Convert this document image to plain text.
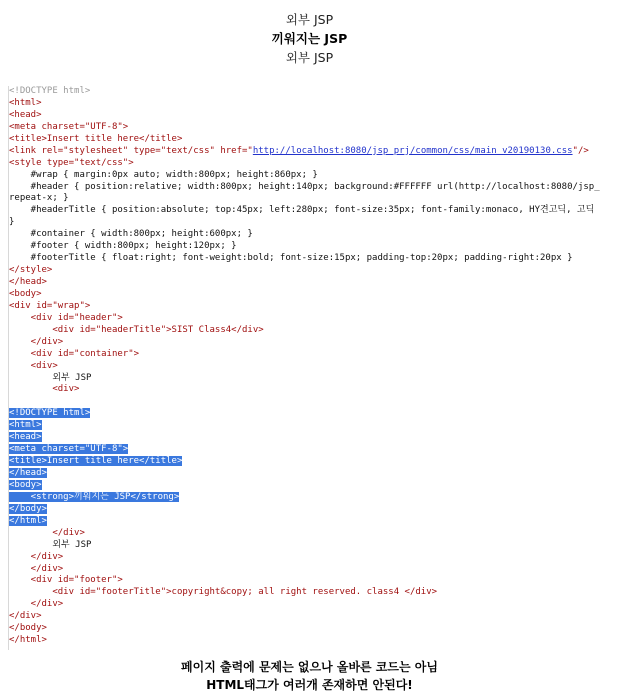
외부 JSP
끼워지는 JSP
외부 JSP
<!DOCTYPE html>
<html>
<head>
<meta charset="UTF-8">
<title>Insert title here</title>
<link rel="stylesheet" type="text/css" href="http://localhost:8080/jsp_prj/common/css/main_v20190130.css"/>
<style type="text/css">
#wrap { margin:0px auto; width:800px; height:860px; }
#header { position:relative; width:800px; height:140px; background:#FFFFFF url(http://localhost:8080/jsp_
repeat-x; }
#headerTitle { position:absolute; top:45px; left:280px; font-size:35px; font-family:monaco, HY견고딕, 고딕
}
#container { width:800px; height:600px; }
#footer { width:800px; height:120px; }
#footerTitle { float:right; font-weight:bold; font-size:15px; padding-top:20px; padding-right:20px }
</style>
</head>
<body>
<div id="wrap">
<div id="header">
<div id="headerTitle">SIST Class4</div>
</div>
<div id="container">
<div>
외부 JSP
<div>
<!DOCTYPE html>
<html>
<head>
<meta charset="UTF-8">
<title>Insert title here</title>
</head>
<body>
<strong>끼워지는 JSP</strong>
</body>
</html>
</div>
외부 JSP
</div>
</div>
<div id="footer">
<div id="footerTitle">copyright&copy; all right reserved. class4 </div>
</div>
</div>
</body>
</html>
페이지 출력에 문제는 없으나 올바른 코드는 아님
HTML태그가 여러개 존재하면 안된다!
